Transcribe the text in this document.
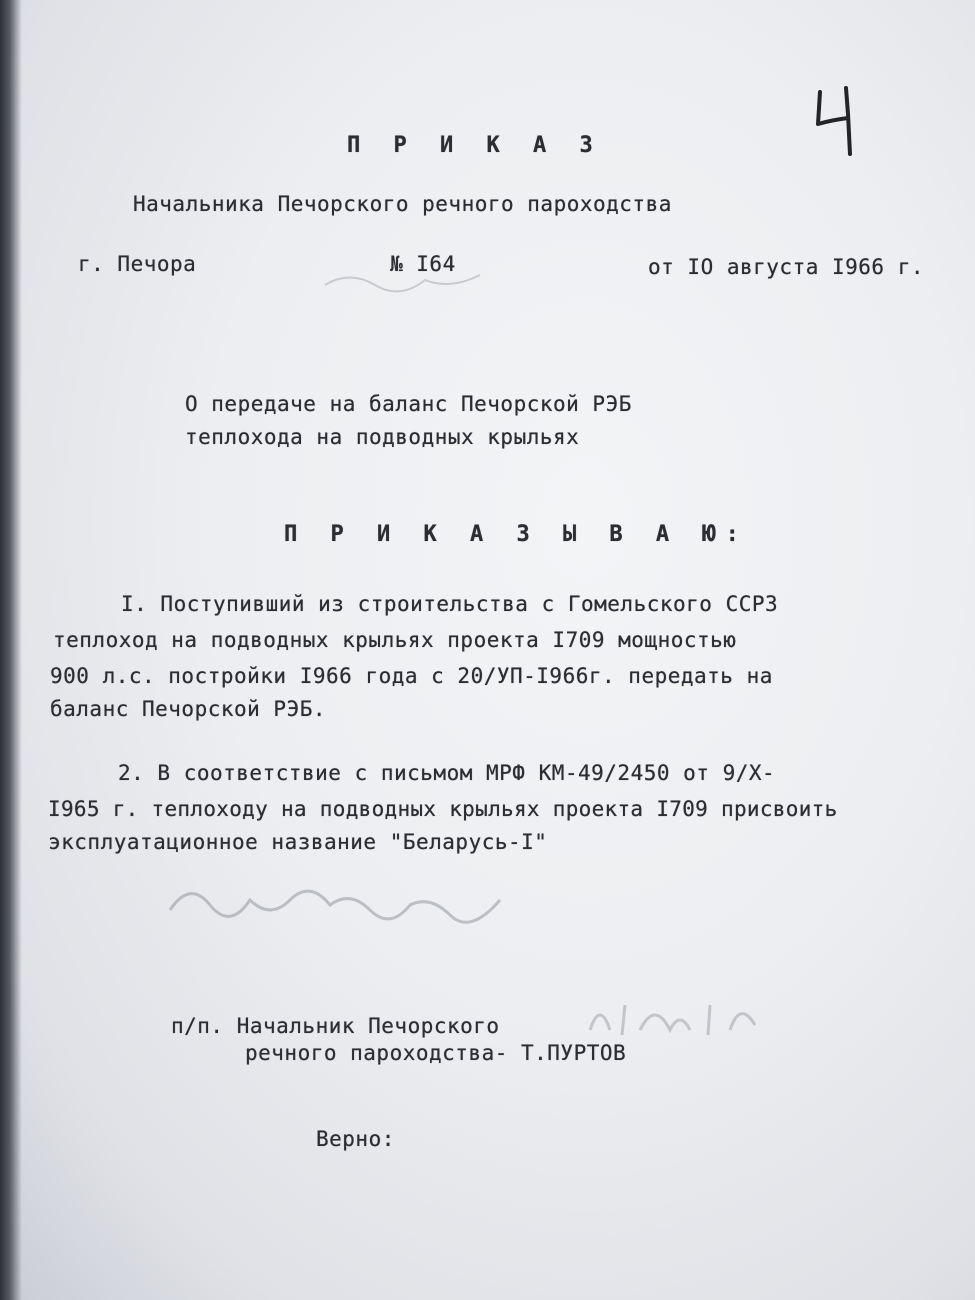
П Р И К А З

Начальника Печорского речного пароходства

г. Печора	№ I64	от IO августа I966 г.

О передаче на баланс Печорской РЭБ

теплохода на подводных крыльях

П Р И К А З Ы В А Ю:

I. Поступивший из строительства с Гомельского ССРЗ

теплоход на подводных крыльях проекта I709 мощностью

900 л.с. постройки I966 года с 20/УП-I966г. передать на

баланс Печорской РЭБ.

2. В соответствие с письмом МРФ КМ-49/2450 от 9/Х-

I965 г. теплоходу на подводных крыльях проекта I709 присвоить

эксплуатационное название "Беларусь-I"

п/п. Начальник Печорского

речного пароходства- Т.ПУРТОВ

Верно:
